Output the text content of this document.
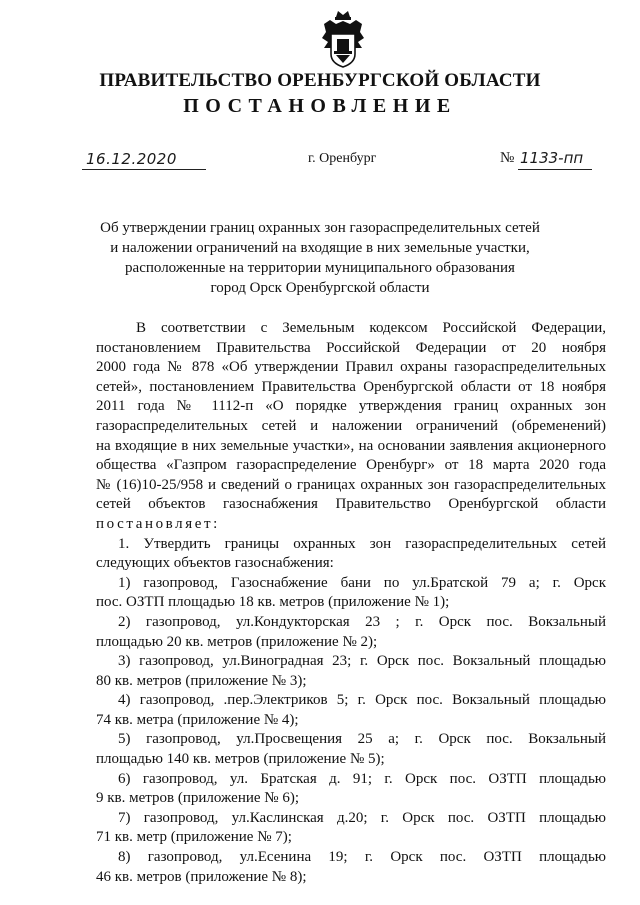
ПРАВИТЕЛЬСТВО ОРЕНБУРГСКОЙ ОБЛАСТИ
ПОСТАНОВЛЕНИЕ
16.12.2020	г. Оренбург	№ 1133-пп
Об утверждении границ охранных зон газораспределительных сетей
и наложении ограничений на входящие в них земельные участки,
расположенные на территории муниципального образования
город Орск Оренбургской области
В соответствии с Земельным кодексом Российской Федерации,
постановлением Правительства Российской Федерации от 20 ноября
2000 года № 878 «Об утверждении Правил охраны газораспределительных
сетей», постановлением Правительства Оренбургской области от 18 ноября
2011 года № 1112-п «О порядке утверждения границ охранных зон
газораспределительных сетей и наложении ограничений (обременений)
на входящие в них земельные участки», на основании заявления акционерного
общества «Газпром газораспределение Оренбург» от 18 марта 2020 года
№ (16)10-25/958 и сведений о границах охранных зон газораспределительных
сетей объектов газоснабжения Правительство Оренбургской области
постановляет:
1. Утвердить границы охранных зон газораспределительных сетей
следующих объектов газоснабжения:
1) газопровод, Газоснабжение бани по ул.Братской 79 а; г. Орск
пос. ОЗТП площадью 18 кв. метров (приложение № 1);
2) газопровод, ул.Кондукторская 23 ; г. Орск пос. Вокзальный
площадью 20 кв. метров (приложение № 2);
3) газопровод, ул.Виноградная 23; г. Орск пос. Вокзальный площадью
80 кв. метров (приложение № 3);
4) газопровод, .пер.Электриков 5; г. Орск пос. Вокзальный площадью
74 кв. метра (приложение № 4);
5) газопровод, ул.Просвещения 25 а; г. Орск пос. Вокзальный
площадью 140 кв. метров (приложение № 5);
6) газопровод, ул. Братская д. 91; г. Орск пос. ОЗТП площадью
9 кв. метров (приложение № 6);
7) газопровод, ул.Каслинская д.20; г. Орск пос. ОЗТП площадью
71 кв. метр (приложение № 7);
8) газопровод, ул.Есенина 19; г. Орск пос. ОЗТП площадью
46 кв. метров (приложение № 8);
